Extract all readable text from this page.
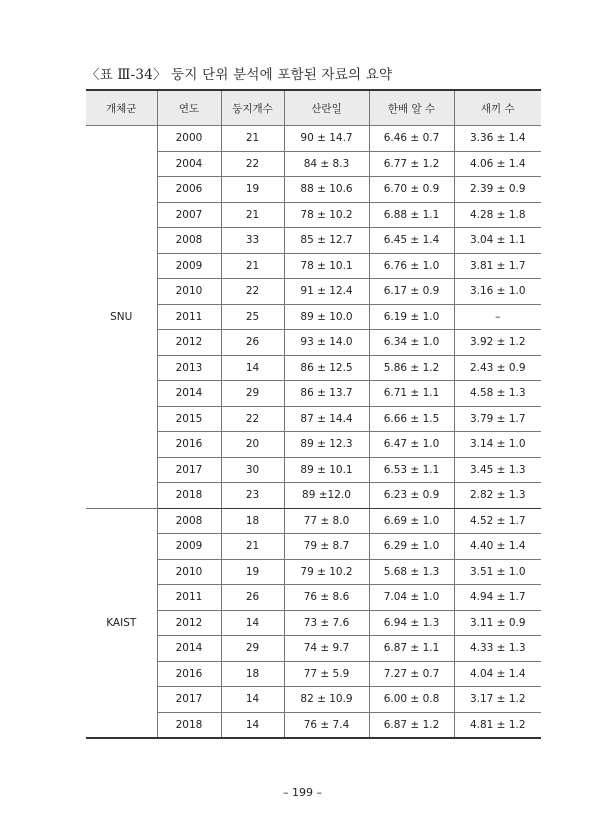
〈표 Ⅲ-34〉 둥지 단위 분석에 포함된 자료의 요약
개체군	연도	둥지개수	산란일	한배 알 수	새끼 수
SNU	2000	21	90 ± 14.7	6.46 ± 0.7	3.36 ± 1.4
	2004	22	84 ± 8.3	6.77 ± 1.2	4.06 ± 1.4
	2006	19	88 ± 10.6	6.70 ± 0.9	2.39 ± 0.9
	2007	21	78 ± 10.2	6.88 ± 1.1	4.28 ± 1.8
	2008	33	85 ± 12.7	6.45 ± 1.4	3.04 ± 1.1
	2009	21	78 ± 10.1	6.76 ± 1.0	3.81 ± 1.7
	2010	22	91 ± 12.4	6.17 ± 0.9	3.16 ± 1.0
	2011	25	89 ± 10.0	6.19 ± 1.0	–
	2012	26	93 ± 14.0	6.34 ± 1.0	3.92 ± 1.2
	2013	14	86 ± 12.5	5.86 ± 1.2	2.43 ± 0.9
	2014	29	86 ± 13.7	6.71 ± 1.1	4.58 ± 1.3
	2015	22	87 ± 14.4	6.66 ± 1.5	3.79 ± 1.7
	2016	20	89 ± 12.3	6.47 ± 1.0	3.14 ± 1.0
	2017	30	89 ± 10.1	6.53 ± 1.1	3.45 ± 1.3
	2018	23	89 ±12.0	6.23 ± 0.9	2.82 ± 1.3
KAIST	2008	18	77 ± 8.0	6.69 ± 1.0	4.52 ± 1.7
	2009	21	79 ± 8.7	6.29 ± 1.0	4.40 ± 1.4
	2010	19	79 ± 10.2	5.68 ± 1.3	3.51 ± 1.0
	2011	26	76 ± 8.6	7.04 ± 1.0	4.94 ± 1.7
	2012	14	73 ± 7.6	6.94 ± 1.3	3.11 ± 0.9
	2014	29	74 ± 9.7	6.87 ± 1.1	4.33 ± 1.3
	2016	18	77 ± 5.9	7.27 ± 0.7	4.04 ± 1.4
	2017	14	82 ± 10.9	6.00 ± 0.8	3.17 ± 1.2
	2018	14	76 ± 7.4	6.87 ± 1.2	4.81 ± 1.2
– 199 –
